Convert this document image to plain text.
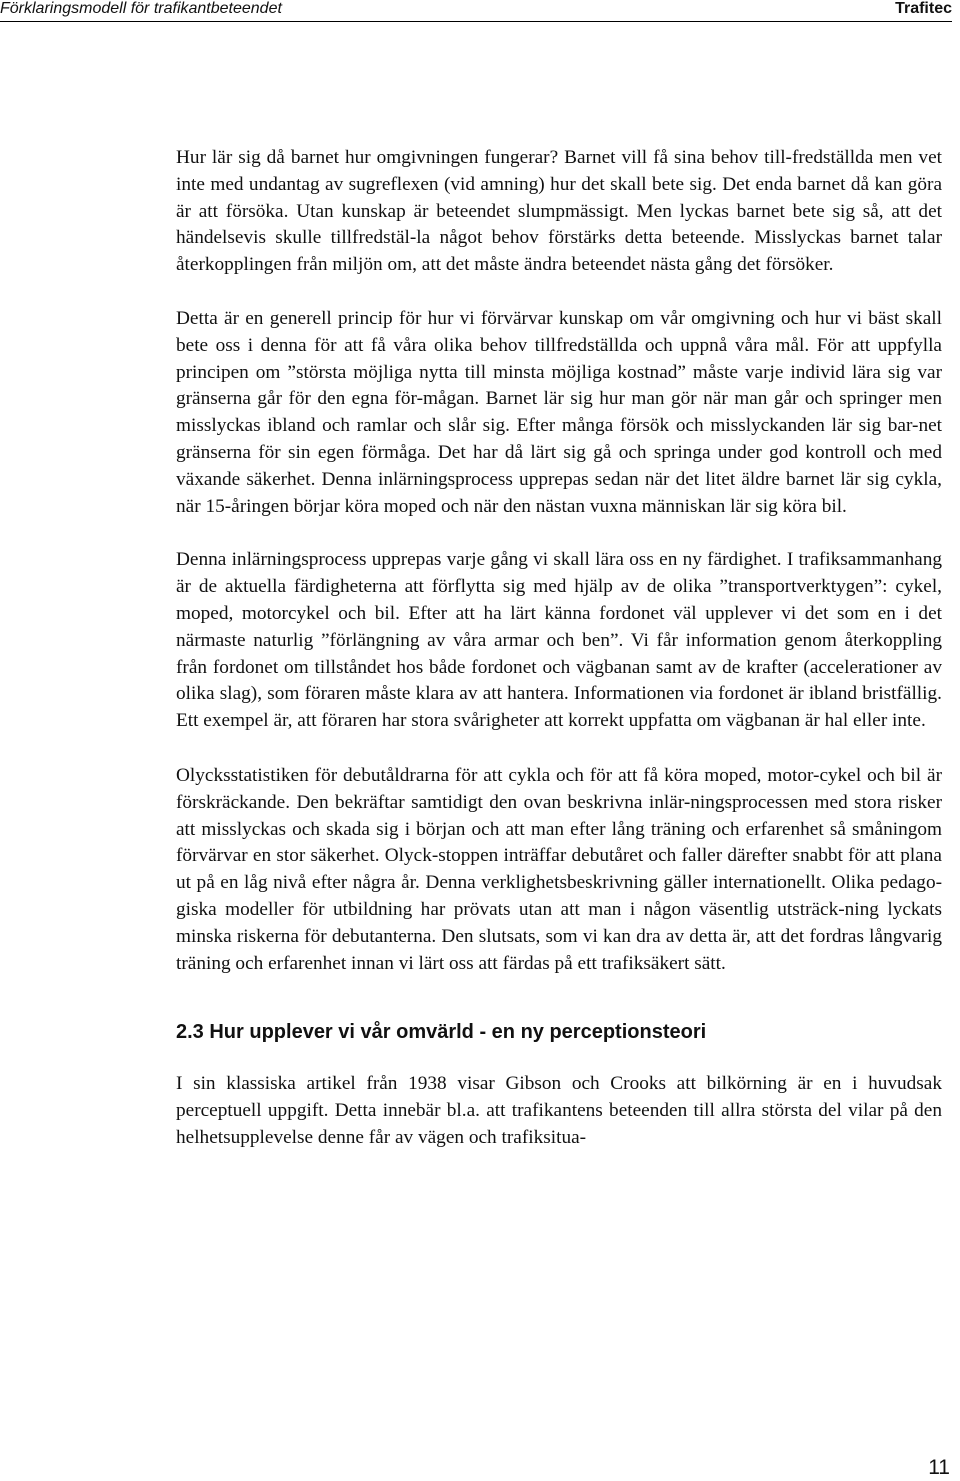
Förklaringsmodell för trafikantbeteendet	Trafitec

Hur lär sig då barnet hur omgivningen fungerar? Barnet vill få sina behov till-fredställda men vet inte med undantag av sugreflexen (vid amning) hur det skall bete sig. Det enda barnet då kan göra är att försöka. Utan kunskap är beteendet slumpmässigt. Men lyckas barnet bete sig så, att det händelsevis skulle tillfredstäl-la något behov förstärks detta beteende. Misslyckas barnet talar återkopplingen från miljön om, att det måste ändra beteendet nästa gång det försöker.

Detta är en generell princip för hur vi förvärvar kunskap om vår omgivning och hur vi bäst skall bete oss i denna för att få våra olika behov tillfredställda och uppnå våra mål. För att uppfylla principen om ”största möjliga nytta till minsta möjliga kostnad” måste varje individ lära sig var gränserna går för den egna för-mågan. Barnet lär sig hur man gör när man går och springer men misslyckas ibland och ramlar och slår sig. Efter många försök och misslyckanden lär sig bar-net gränserna för sin egen förmåga. Det har då lärt sig gå och springa under god kontroll och med växande säkerhet. Denna inlärningsprocess upprepas sedan när det litet äldre barnet lär sig cykla, när 15-åringen börjar köra moped och när den nästan vuxna människan lär sig köra bil.

Denna inlärningsprocess upprepas varje gång vi skall lära oss en ny färdighet. I trafiksammanhang är de aktuella färdigheterna att förflytta sig med hjälp av de olika ”transportverktygen”: cykel, moped, motorcykel och bil. Efter att ha lärt känna fordonet väl upplever vi det som en i det närmaste naturlig ”förlängning av våra armar och ben”. Vi får information genom återkoppling från fordonet om tillståndet hos både fordonet och vägbanan samt av de krafter (accelerationer av olika slag), som föraren måste klara av att hantera. Informationen via fordonet är ibland bristfällig. Ett exempel är, att föraren har stora svårigheter att korrekt uppfatta om vägbanan är hal eller inte.

Olycksstatistiken för debutåldrarna för att cykla och för att få köra moped, motor-cykel och bil är förskräckande. Den bekräftar samtidigt den ovan beskrivna inlär-ningsprocessen med stora risker att misslyckas och skada sig i början och att man efter lång träning och erfarenhet så småningom förvärvar en stor säkerhet. Olyck-stoppen inträffar debutåret och faller därefter snabbt för att plana ut på en låg nivå efter några år. Denna verklighetsbeskrivning gäller internationellt. Olika pedago-giska modeller för utbildning har prövats utan att man i någon väsentlig utsträck-ning lyckats minska riskerna för debutanterna. Den slutsats, som vi kan dra av detta är, att det fordras långvarig träning och erfarenhet innan vi lärt oss att färdas på ett trafiksäkert sätt.

2.3 Hur upplever vi vår omvärld - en ny perceptionsteori

I sin klassiska artikel från 1938 visar Gibson och Crooks att bilkörning är en i huvudsak perceptuell uppgift. Detta innebär bl.a. att trafikantens beteenden till allra största del vilar på den helhetsupplevelse denne får av vägen och trafiksitua-

11
